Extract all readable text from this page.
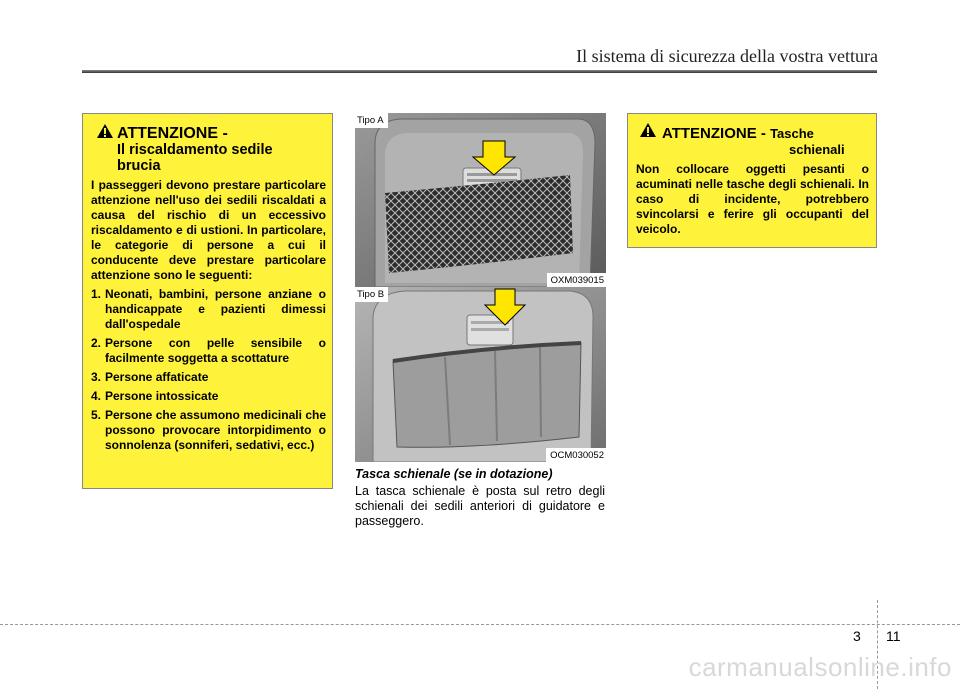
Il sistema di sicurezza della vostra vettura
ATTENZIONE -
Il riscaldamento sedile brucia

I passeggeri devono prestare particolare attenzione nell'uso dei sedili riscaldati a causa del rischio di un eccessivo riscaldamento e di ustioni. In particolare, le categorie di persone a cui il conducente deve prestare particolare attenzione sono le seguenti:

1. Neonati, bambini, persone anziane o handicappate e pazienti dimessi dall'ospedale
2. Persone con pelle sensibile o facilmente soggetta a scottature
3. Persone affaticate
4. Persone intossicate
5. Persone che assumono medicinali che possono provocare intorpidimento o sonnolenza (sonniferi, sedativi, ecc.)
Tipo A
OXM039015
Tipo B
OCM030052
Tasca schienale (se in dotazione)
La tasca schienale è posta sul retro degli schienali dei sedili anteriori di guidatore e passeggero.
ATTENZIONE - Tasche
schienali
Non collocare oggetti pesanti o acuminati nelle tasche degli schienali. In caso di incidente, potrebbero svincolarsi e ferire gli occupanti del veicolo.
3 11
carmanualsonline.info
